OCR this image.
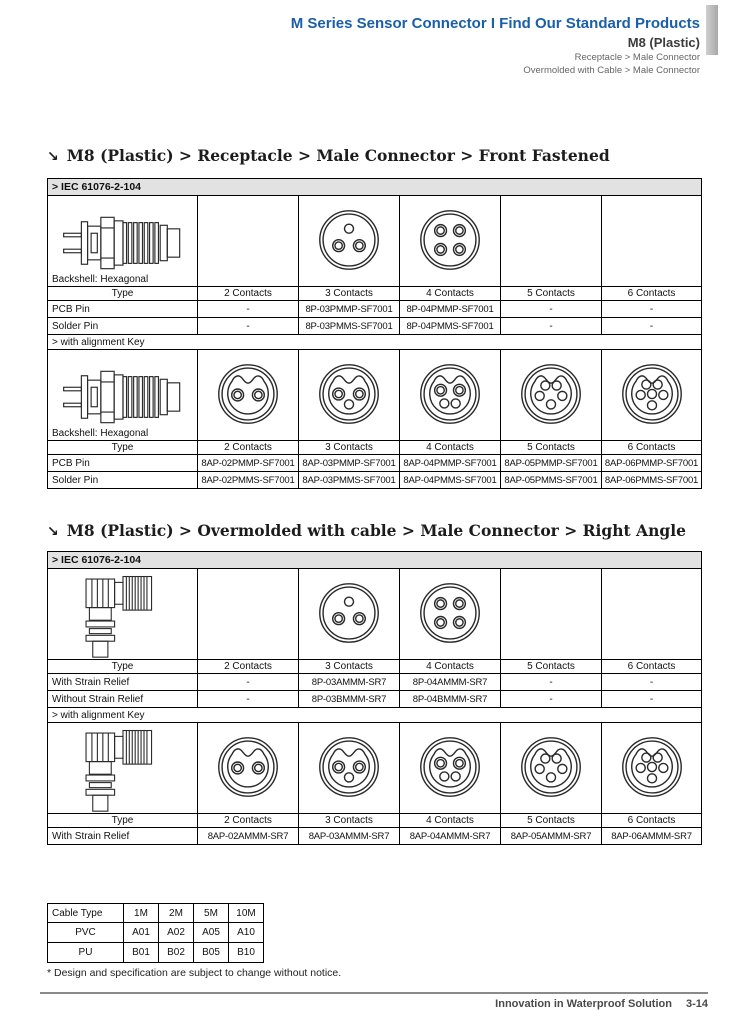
M Series Sensor Connector I Find Our Standard Products
M8 (Plastic)
Receptacle > Male Connector
Overmolded with Cable > Male Connector
↘ M8 (Plastic) > Receptacle > Male Connector > Front Fastened
> IEC 61076-2-104					

Backshell: Hexagonal

Type	2 Contacts	3 Contacts	4 Contacts	5 Contacts	6 Contacts
PCB Pin	-	8P-03PMMP-SF7001	8P-04PMMP-SF7001	-	-
Solder Pin	-	8P-03PMMS-SF7001	8P-04PMMS-SF7001	-	-
> with alignment Key					

Backshell: Hexagonal

Type	2 Contacts	3 Contacts	4 Contacts	5 Contacts	6 Contacts
PCB Pin	8AP-02PMMP-SF7001	8AP-03PMMP-SF7001	8AP-04PMMP-SF7001	8AP-05PMMP-SF7001	8AP-06PMMP-SF7001
Solder Pin	8AP-02PMMS-SF7001	8AP-03PMMS-SF7001	8AP-04PMMS-SF7001	8AP-05PMMS-SF7001	8AP-06PMMS-SF7001
↘ M8 (Plastic) > Overmolded with cable > Male Connector > Right Angle
> IEC 61076-2-104					

Type	2 Contacts	3 Contacts	4 Contacts	5 Contacts	6 Contacts
With Strain Relief	-	8P-03AMMM-SR7	8P-04AMMM-SR7	-	-
Without Strain Relief	-	8P-03BMMM-SR7	8P-04BMMM-SR7	-	-
> with alignment Key					

Type	2 Contacts	3 Contacts	4 Contacts	5 Contacts	6 Contacts
With Strain Relief	8AP-02AMMM-SR7	8AP-03AMMM-SR7	8AP-04AMMM-SR7	8AP-05AMMM-SR7	8AP-06AMMM-SR7
Cable Type	1M	2M	5M	10M
PVC	A01	A02	A05	A10
PU	B01	B02	B05	B10
* Design and specification are subject to change without notice.
Innovation in Waterproof Solution 3-14
